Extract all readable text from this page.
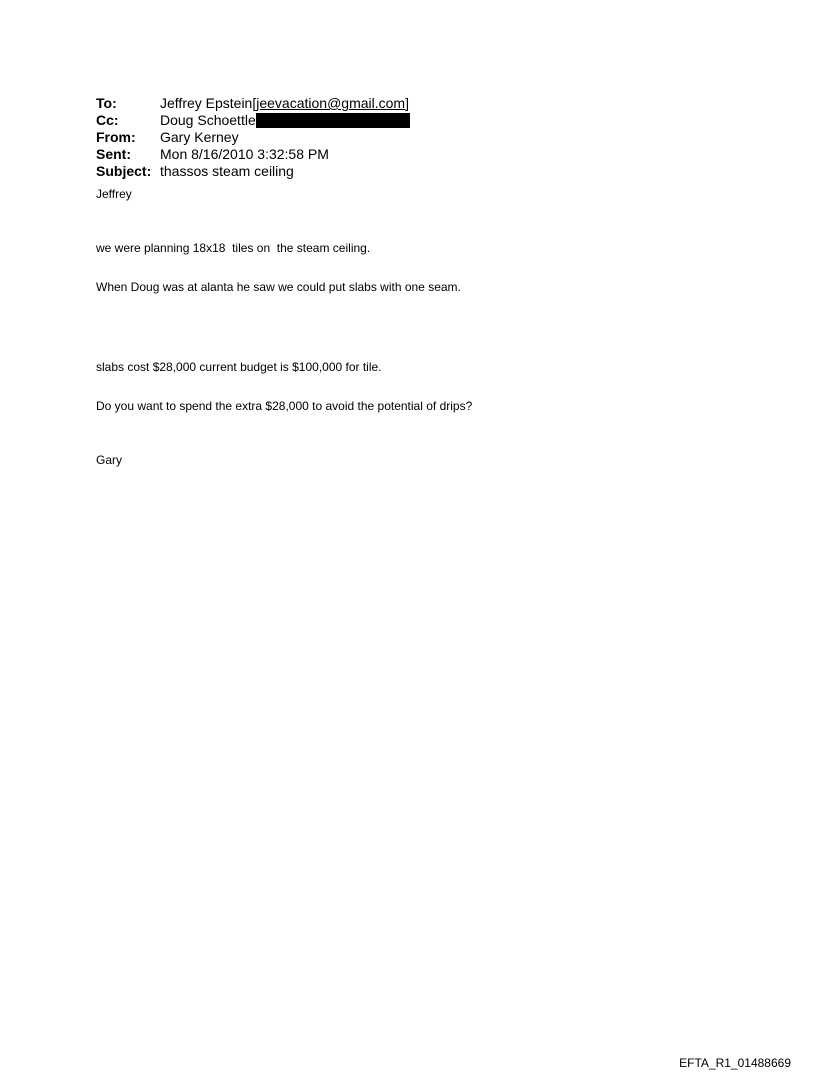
To:	Jeffrey Epstein[jeevacation@gmail.com]
Cc:	Doug Schoettle
From:	Gary Kerney
Sent:	Mon 8/16/2010 3:32:58 PM
Subject: thassos steam ceiling

Jeffrey

we were planning 18x18  tiles on  the steam ceiling.

When Doug was at alanta he saw we could put slabs with one seam.

slabs cost $28,000 current budget is $100,000 for tile.

Do you want to spend the extra $28,000 to avoid the potential of drips?

Gary

EFTA_R1_01488669
